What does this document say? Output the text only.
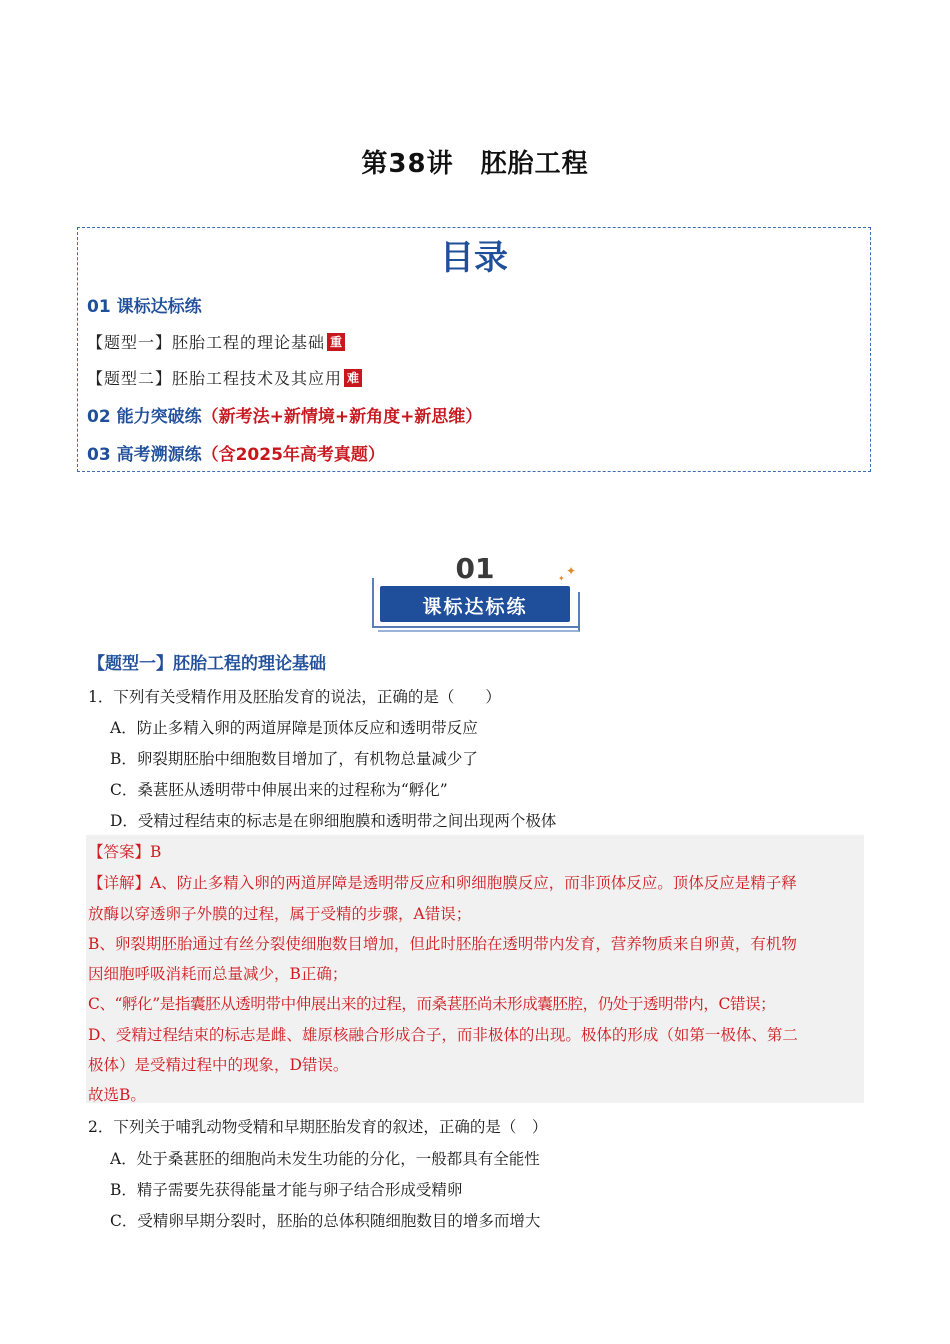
第38讲　胚胎工程
目录
01 课标达标练
【题型一】胚胎工程的理论基础 重
【题型二】胚胎工程技术及其应用 难
02 能力突破练（新考法+新情境+新角度+新思维）
03 高考溯源练（含2025年高考真题）
01
课标达标练
✦
✦
【题型一】胚胎工程的理论基础
1．下列有关受精作用及胚胎发育的说法，正确的是（　　）
A．防止多精入卵的两道屏障是顶体反应和透明带反应
B．卵裂期胚胎中细胞数目增加了，有机物总量减少了
C．桑葚胚从透明带中伸展出来的过程称为“孵化”
D．受精过程结束的标志是在卵细胞膜和透明带之间出现两个极体
【答案】B
【详解】A、防止多精入卵的两道屏障是透明带反应和卵细胞膜反应，而非顶体反应。顶体反应是精子释
放酶以穿透卵子外膜的过程，属于受精的步骤，A错误；
B、卵裂期胚胎通过有丝分裂使细胞数目增加，但此时胚胎在透明带内发育，营养物质来自卵黄，有机物
因细胞呼吸消耗而总量减少，B正确；
C、“孵化”是指囊胚从透明带中伸展出来的过程，而桑葚胚尚未形成囊胚腔，仍处于透明带内，C错误；
D、受精过程结束的标志是雌、雄原核融合形成合子，而非极体的出现。极体的形成（如第一极体、第二
极体）是受精过程中的现象，D错误。
故选B。
2．下列关于哺乳动物受精和早期胚胎发育的叙述，正确的是（　）
A．处于桑葚胚的细胞尚未发生功能的分化，一般都具有全能性
B．精子需要先获得能量才能与卵子结合形成受精卵
C．受精卵早期分裂时，胚胎的总体积随细胞数目的增多而增大
